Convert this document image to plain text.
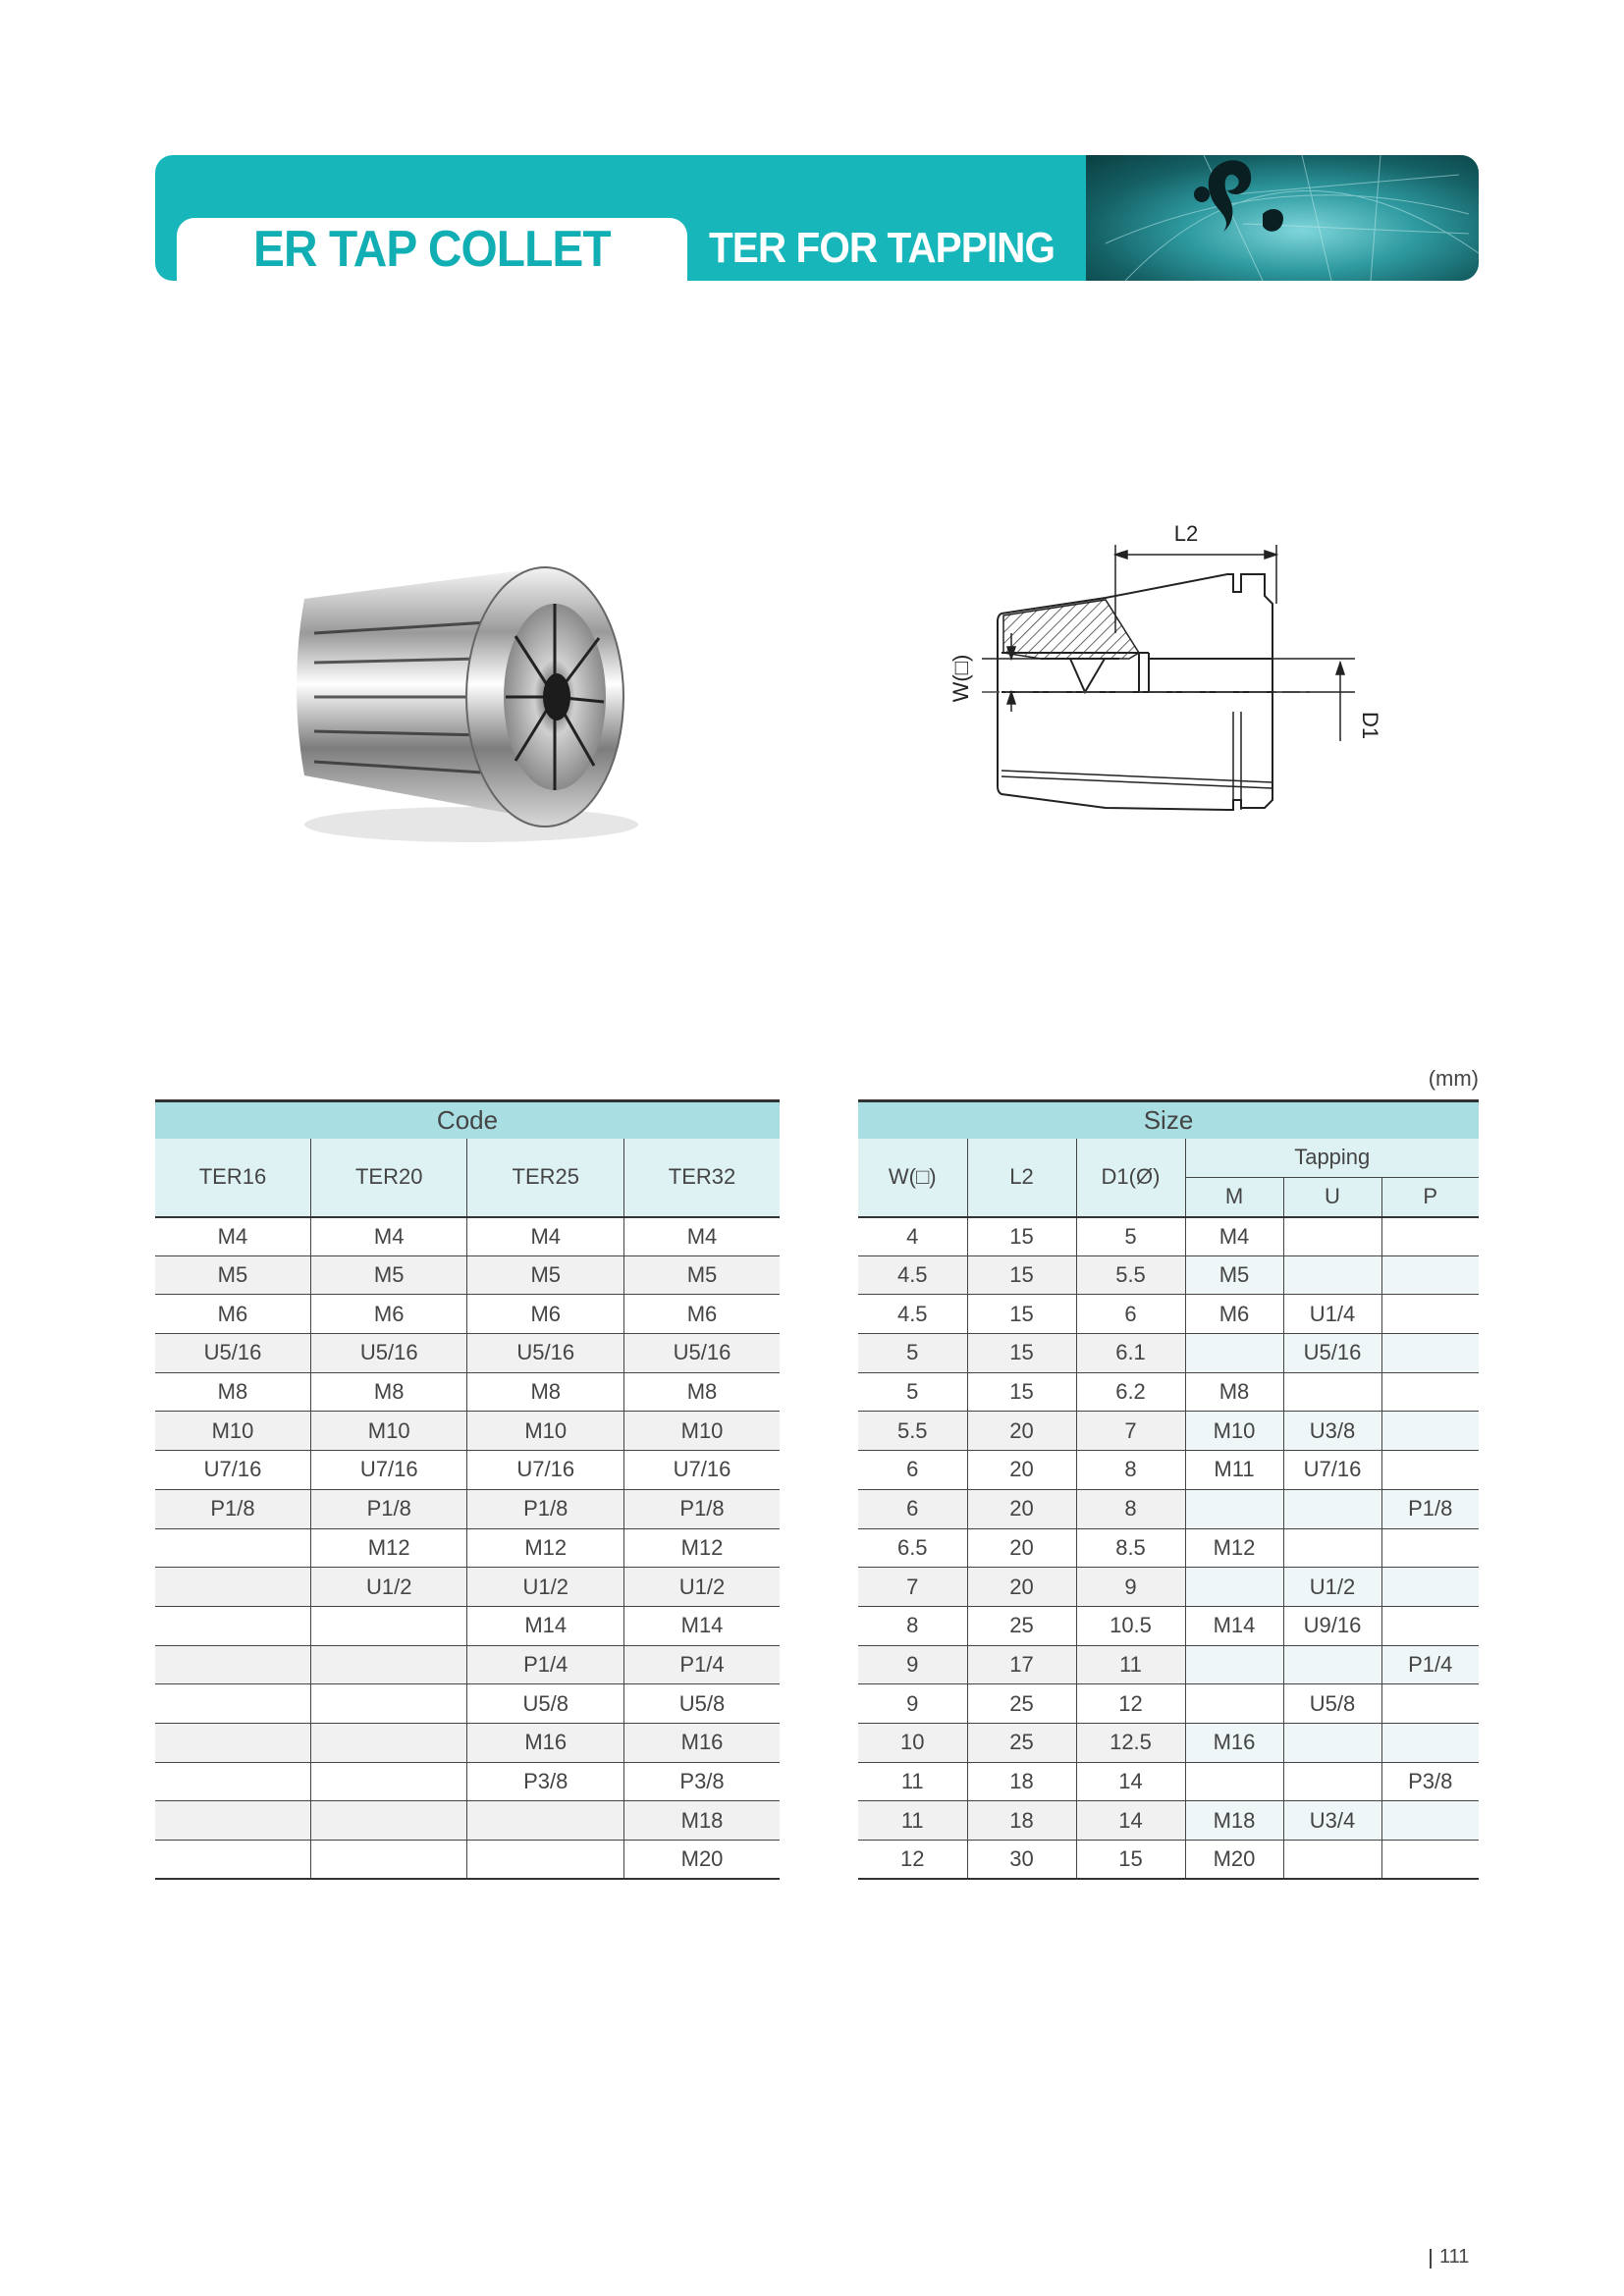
ER TAP COLLET TER FOR TAPPING
L2
D1
W(□)
(mm)
Code			
TER16	TER20	TER25	TER32
M4	M4	M4	M4
M5	M5	M5	M5
M6	M6	M6	M6
U5/16	U5/16	U5/16	U5/16
M8	M8	M8	M8
M10	M10	M10	M10
U7/16	U7/16	U7/16	U7/16
P1/8	P1/8	P1/8	P1/8
	M12	M12	M12
	U1/2	U1/2	U1/2
		M14	M14
		P1/4	P1/4
		U5/8	U5/8
		M16	M16
		P3/8	P3/8
			M18
			M20
Size					
W(□)	L2	D1(Ø)	Tapping		
			M	U	P
4	15	5	M4		
4.5	15	5.5	M5		
4.5	15	6	M6	U1/4	
5	15	6.1		U5/16	
5	15	6.2	M8		
5.5	20	7	M10	U3/8	
6	20	8	M11	U7/16	
6	20	8			P1/8
6.5	20	8.5	M12		
7	20	9		U1/2	
8	25	10.5	M14	U9/16	
9	17	11			P1/4
9	25	12		U5/8	
10	25	12.5	M16		
11	18	14			P3/8
11	18	14	M18	U3/4	
12	30	15	M20		
111
